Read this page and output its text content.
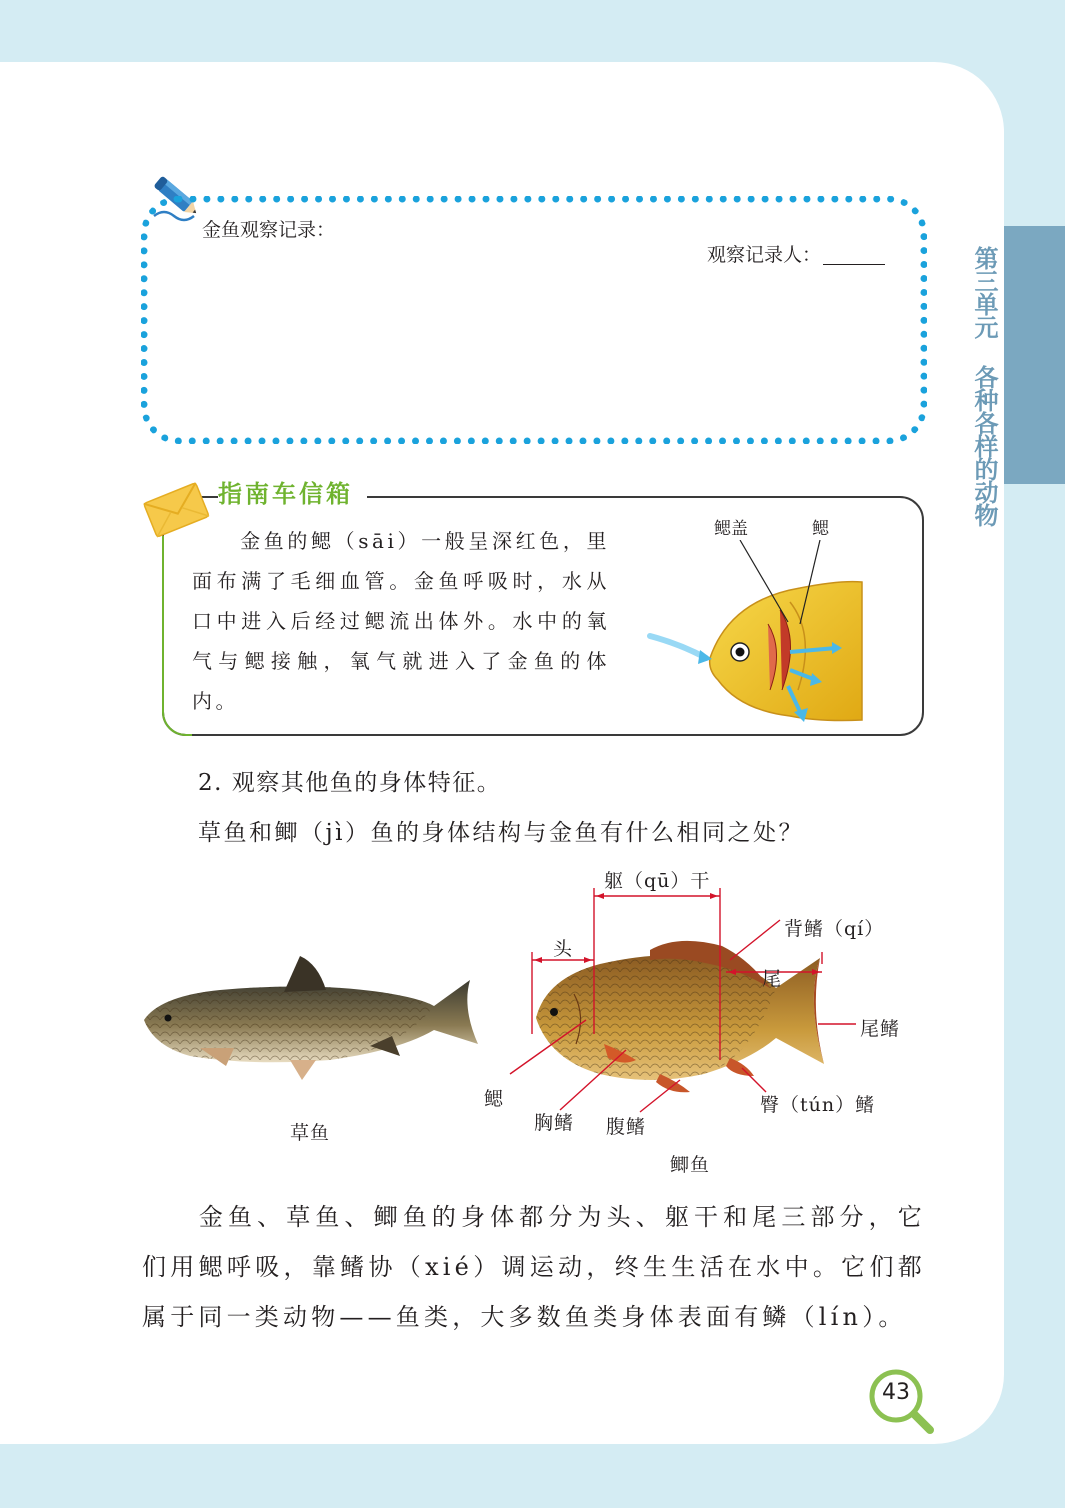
第三单元 各种各样的动物
金鱼观察记录：
观察记录人：
指南车信箱
金鱼的鳃（sāi）一般呈深红色，里面布满了毛细血管。金鱼呼吸时，水从口中进入后经过鳃流出体外。水中的氧气与鳃接触，氧气就进入了金鱼的体内。
鳃盖	鳃
2. 观察其他鱼的身体特征。
草鱼和鲫（jì）鱼的身体结构与金鱼有什么相同之处？
躯（qū）干
头
背鳍（qí）
尾
尾鳍
鳃
胸鳍 腹鳍
臀（tún）鳍
草鱼
鲫鱼
金鱼、草鱼、鲫鱼的身体都分为头、躯干和尾三部分，它们用鳃呼吸，靠鳍协（xié）调运动，终生生活在水中。它们都属于同一类动物——鱼类，大多数鱼类身体表面有鳞（lín）。
43
